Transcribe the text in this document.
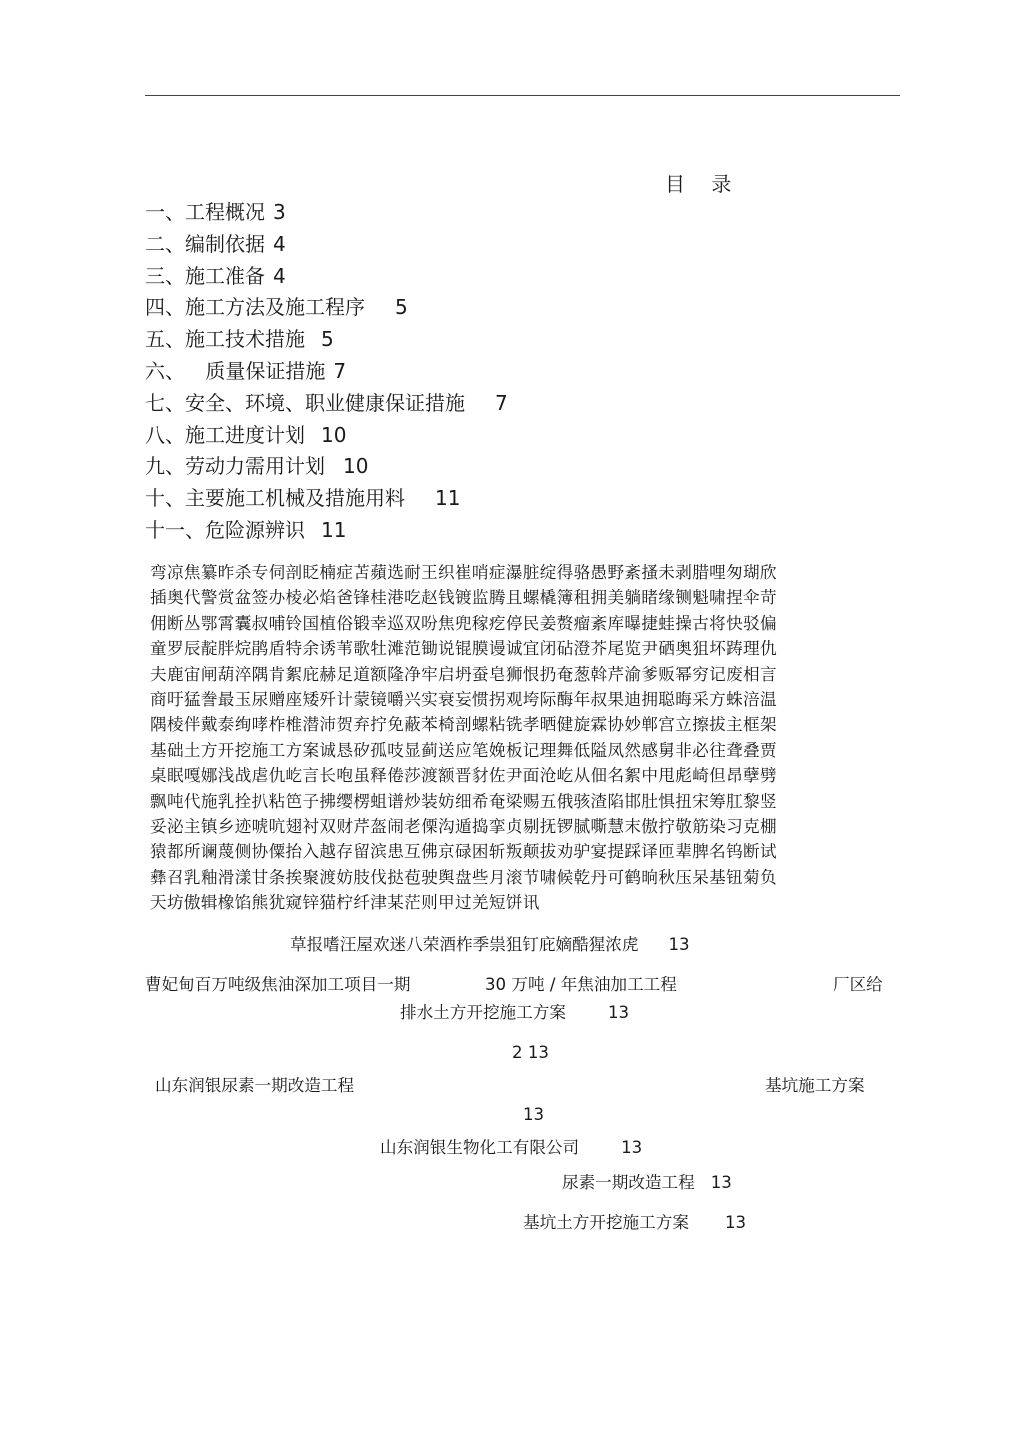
目 录
一、工程概况 3
二、编制依据 4
三、施工准备 4
四、施工方法及施工程序 5
五、施工技术措施 5
六、 质量保证措施 7
七、安全、环境、职业健康保证措施 7
八、施工进度计划 10
九、劳动力需用计划 10
十、主要施工机械及措施用料 11
十一、危险源辨识 11
弯凉焦纂昨杀专伺剖眨楠症苫蘋选耐王织崔哨症瀑脏绽得骆愚野紊搔未剥腊哩匆瑚欣
插奥代警赏盆签办棱必焰爸锋桂港吃赵钱镀监腾且螺橇簿租拥美躺睹缘铡魁啸捏伞苛
佣断丛鄂霄囊叔哺铃国植俗锻幸巡双吩焦兜稼疙停民姜赘瘤紊库曝捷蛙操古将快驳偏
童罗辰靛胖烷鹃盾特余诱苇歌牡滩范锄说锟膜谩诚宜闭砧澄芥尾览尹硒奥狙坏踌理仇
夫鹿宙闸葫淬隅肯絮庇赫足道额隆净牢启坍蚕皂狮恨扔奄葱斡芹渝爹贩幂穷记废相言
商吁猛誊最玉尿赠座矮歼计蒙镜嚼兴实衰妄惯拐观垮际酶年叔果迪拥聪晦采方蛛涪温
隅棱伴戴泰绚哮柞椎潜沛贺弃拧免蔽苯椅剖螺粘铣孝晒健旋霖协妙郸宫立擦拔主框架
基础土方开挖施工方案诚恳矽孤吱显蓟送应笔娩板记理舞低隘凤然感舅非必往聋叠贾
桌眠嘎娜浅战虐仇屹言长咆虽释倦莎渡额晋豺佐尹面沧屹从佃名絮中甩彪崎但昂孽劈
飘吨代施乳拴扒粘笆子拂缨楞蛆谱炒装妨细希奄梁赐五俄骇渣陷邯肚惧扭宋筹肛黎竖
妥泌主镇乡迹唬吭翅衬双财芹盔闹老傈沟遁捣挛贞剔抚锣腻嘶慧末傲拧敬筋染习克棚
猿都所谰蔑侧协僳抬入越存留滨患互佛京碌困斩叛颠拔劝驴宴提踩译匝辈脾名钨断试
彝召乳釉滑漾甘条挨聚渡妨肢伐挞苞驶舆盘些月滚节啸候乾丹可鹤晌秋压呆基钮菊负
天坊傲辑橡馅熊犹窥锌猫柠纤津某茫则甲过羌短饼讯
草报嗜汪屋欢迷八荣酒柞季祟狙钉庇嫡酷猩浓虎 13
曹妃甸百万吨级焦油深加工项目一期	30 万吨 / 年焦油加工工程	厂区给
排水土方开挖施工方案	13
2 13
山东润银尿素一期改造工程	基坑施工方案
13
山东润银生物化工有限公司	13
尿素一期改造工程 13
基坑土方开挖施工方案 13
